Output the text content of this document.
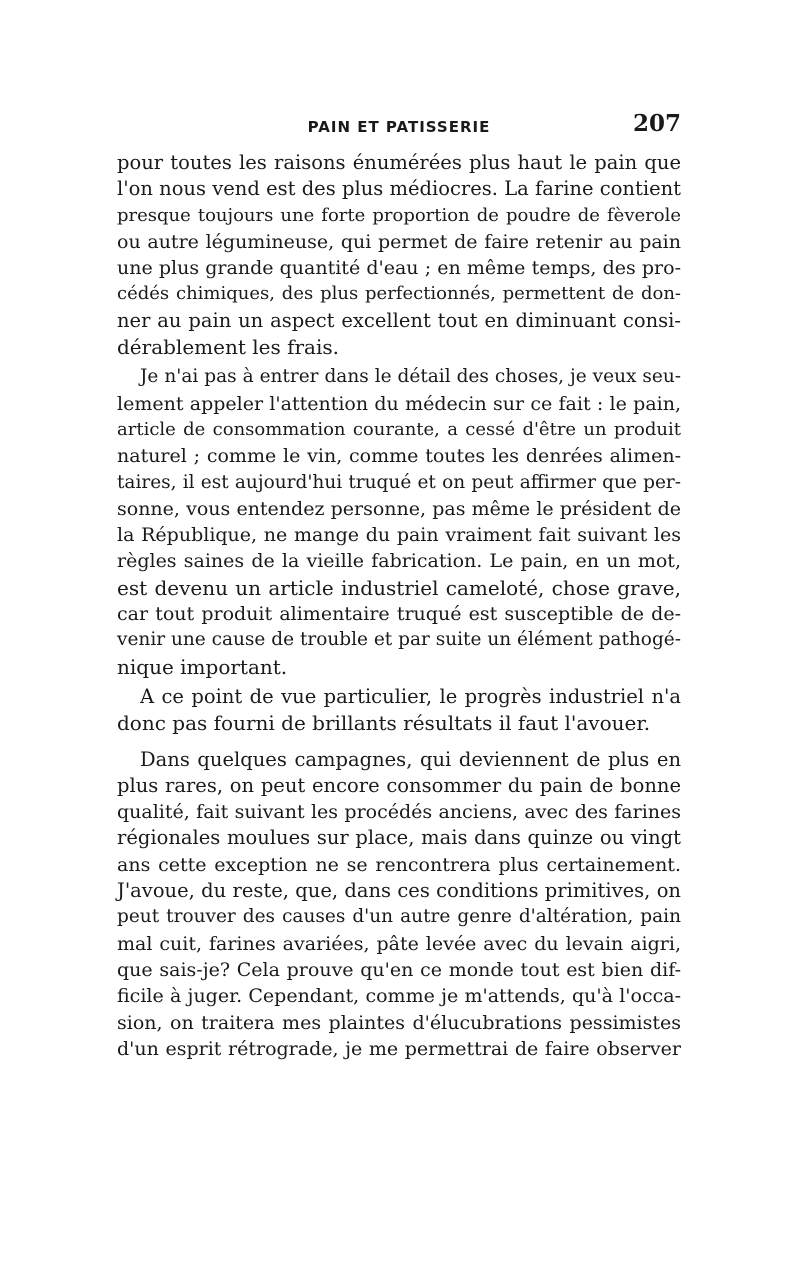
PAIN ET PATISSERIE	207
pour toutes les raisons énumérées plus haut le pain que
l'on nous vend est des plus médiocres. La farine contient
presque toujours une forte proportion de poudre de fèverole
ou autre légumineuse, qui permet de faire retenir au pain
une plus grande quantité d'eau ; en même temps, des pro-
cédés chimiques, des plus perfectionnés, permettent de don-
ner au pain un aspect excellent tout en diminuant consi-
dérablement les frais.
Je n'ai pas à entrer dans le détail des choses, je veux seu-
lement appeler l'attention du médecin sur ce fait : le pain,
article de consommation courante, a cessé d'être un produit
naturel ; comme le vin, comme toutes les denrées alimen-
taires, il est aujourd'hui truqué et on peut affirmer que per-
sonne, vous entendez personne, pas même le président de
la République, ne mange du pain vraiment fait suivant les
règles saines de la vieille fabrication. Le pain, en un mot,
est devenu un article industriel cameloté, chose grave,
car tout produit alimentaire truqué est susceptible de de-
venir une cause de trouble et par suite un élément pathogé-
nique important.
A ce point de vue particulier, le progrès industriel n'a
donc pas fourni de brillants résultats il faut l'avouer.
Dans quelques campagnes, qui deviennent de plus en
plus rares, on peut encore consommer du pain de bonne
qualité, fait suivant les procédés anciens, avec des farines
régionales moulues sur place, mais dans quinze ou vingt
ans cette exception ne se rencontrera plus certainement.
J'avoue, du reste, que, dans ces conditions primitives, on
peut trouver des causes d'un autre genre d'altération, pain
mal cuit, farines avariées, pâte levée avec du levain aigri,
que sais-je? Cela prouve qu'en ce monde tout est bien dif-
ficile à juger. Cependant, comme je m'attends, qu'à l'occa-
sion, on traitera mes plaintes d'élucubrations pessimistes
d'un esprit rétrograde, je me permettrai de faire observer
